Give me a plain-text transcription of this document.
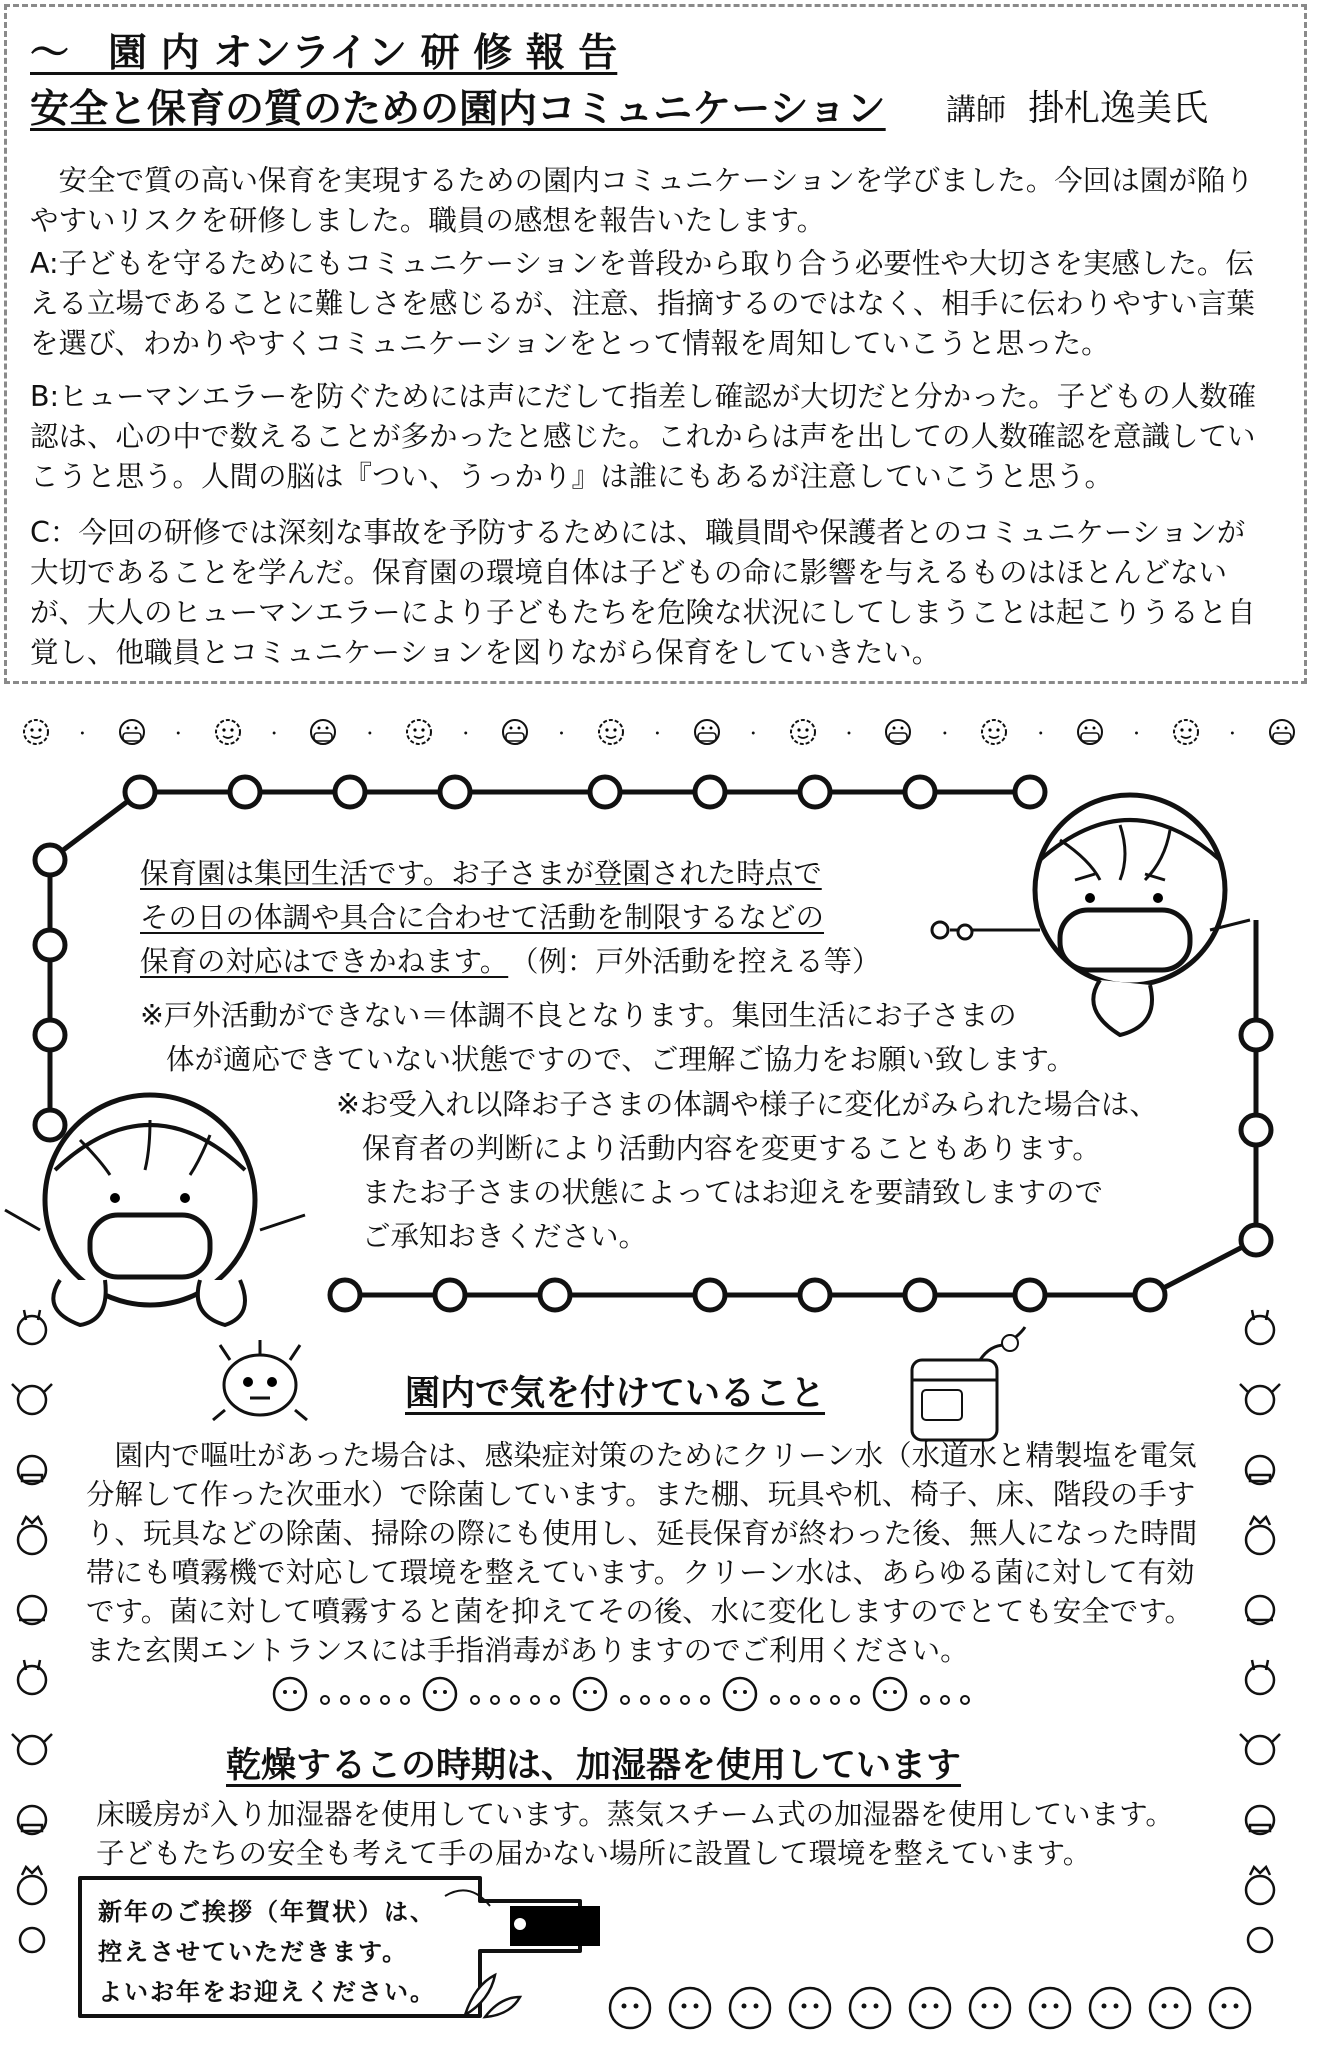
～　園 内 オンライン 研 修 報 告
安全と保育の質のための園内コミュニケーション 講師 掛札逸美氏
安全で質の高い保育を実現するための園内コミュニケーションを学びました。今回は園が陥りやすいリスクを研修しました。職員の感想を報告いたします。
A:子どもを守るためにもコミュニケーションを普段から取り合う必要性や大切さを実感した。伝える立場であることに難しさを感じるが、注意、指摘するのではなく、相手に伝わりやすい言葉を選び、わかりやすくコミュニケーションをとって情報を周知していこうと思った。
B:ヒューマンエラーを防ぐためには声にだして指差し確認が大切だと分かった。子どもの人数確認は、心の中で数えることが多かったと感じた。これからは声を出しての人数確認を意識していこうと思う。人間の脳は『つい、うっかり』は誰にもあるが注意していこうと思う。
C：今回の研修では深刻な事故を予防するためには、職員間や保護者とのコミュニケーションが大切であることを学んだ。保育園の環境自体は子どもの命に影響を与えるものはほとんどないが、大人のヒューマンエラーにより子どもたちを危険な状況にしてしまうことは起こりうると自覚し、他職員とコミュニケーションを図りながら保育をしていきたい。
･	･	･	･	･	･	･	･	･	･	･	･	･
保育園は集団生活です。お子さまが登園された時点で
その日の体調や具合に合わせて活動を制限するなどの
保育の対応はできかねます。 （例：戸外活動を控える等）
※戸外活動ができない＝体調不良となります。集団生活にお子さまの
体が適応できていない状態ですので、ご理解ご協力をお願い致します。
※お受入れ以降お子さまの体調や様子に変化がみられた場合は、
保育者の判断により活動内容を変更することもあります。
またお子さまの状態によってはお迎えを要請致しますので
ご承知おきください。
園内で気を付けていること
園内で嘔吐があった場合は、感染症対策のためにクリーン水（水道水と精製塩を電気分解して作った次亜水）で除菌しています。また棚、玩具や机、椅子、床、階段の手すり、玩具などの除菌、掃除の際にも使用し、延長保育が終わった後、無人になった時間帯にも噴霧機で対応して環境を整えています。クリーン水は、あらゆる菌に対して有効です。菌に対して噴霧すると菌を抑えてその後、水に変化しますのでとても安全です。また玄関エントランスには手指消毒がありますのでご利用ください。
乾燥するこの時期は、加湿器を使用しています
床暖房が入り加湿器を使用しています。蒸気スチーム式の加湿器を使用しています。
子どもたちの安全も考えて手の届かない場所に設置して環境を整えています。
新年のご挨拶（年賀状）は、
控えさせていただきます。
よいお年をお迎えください。
